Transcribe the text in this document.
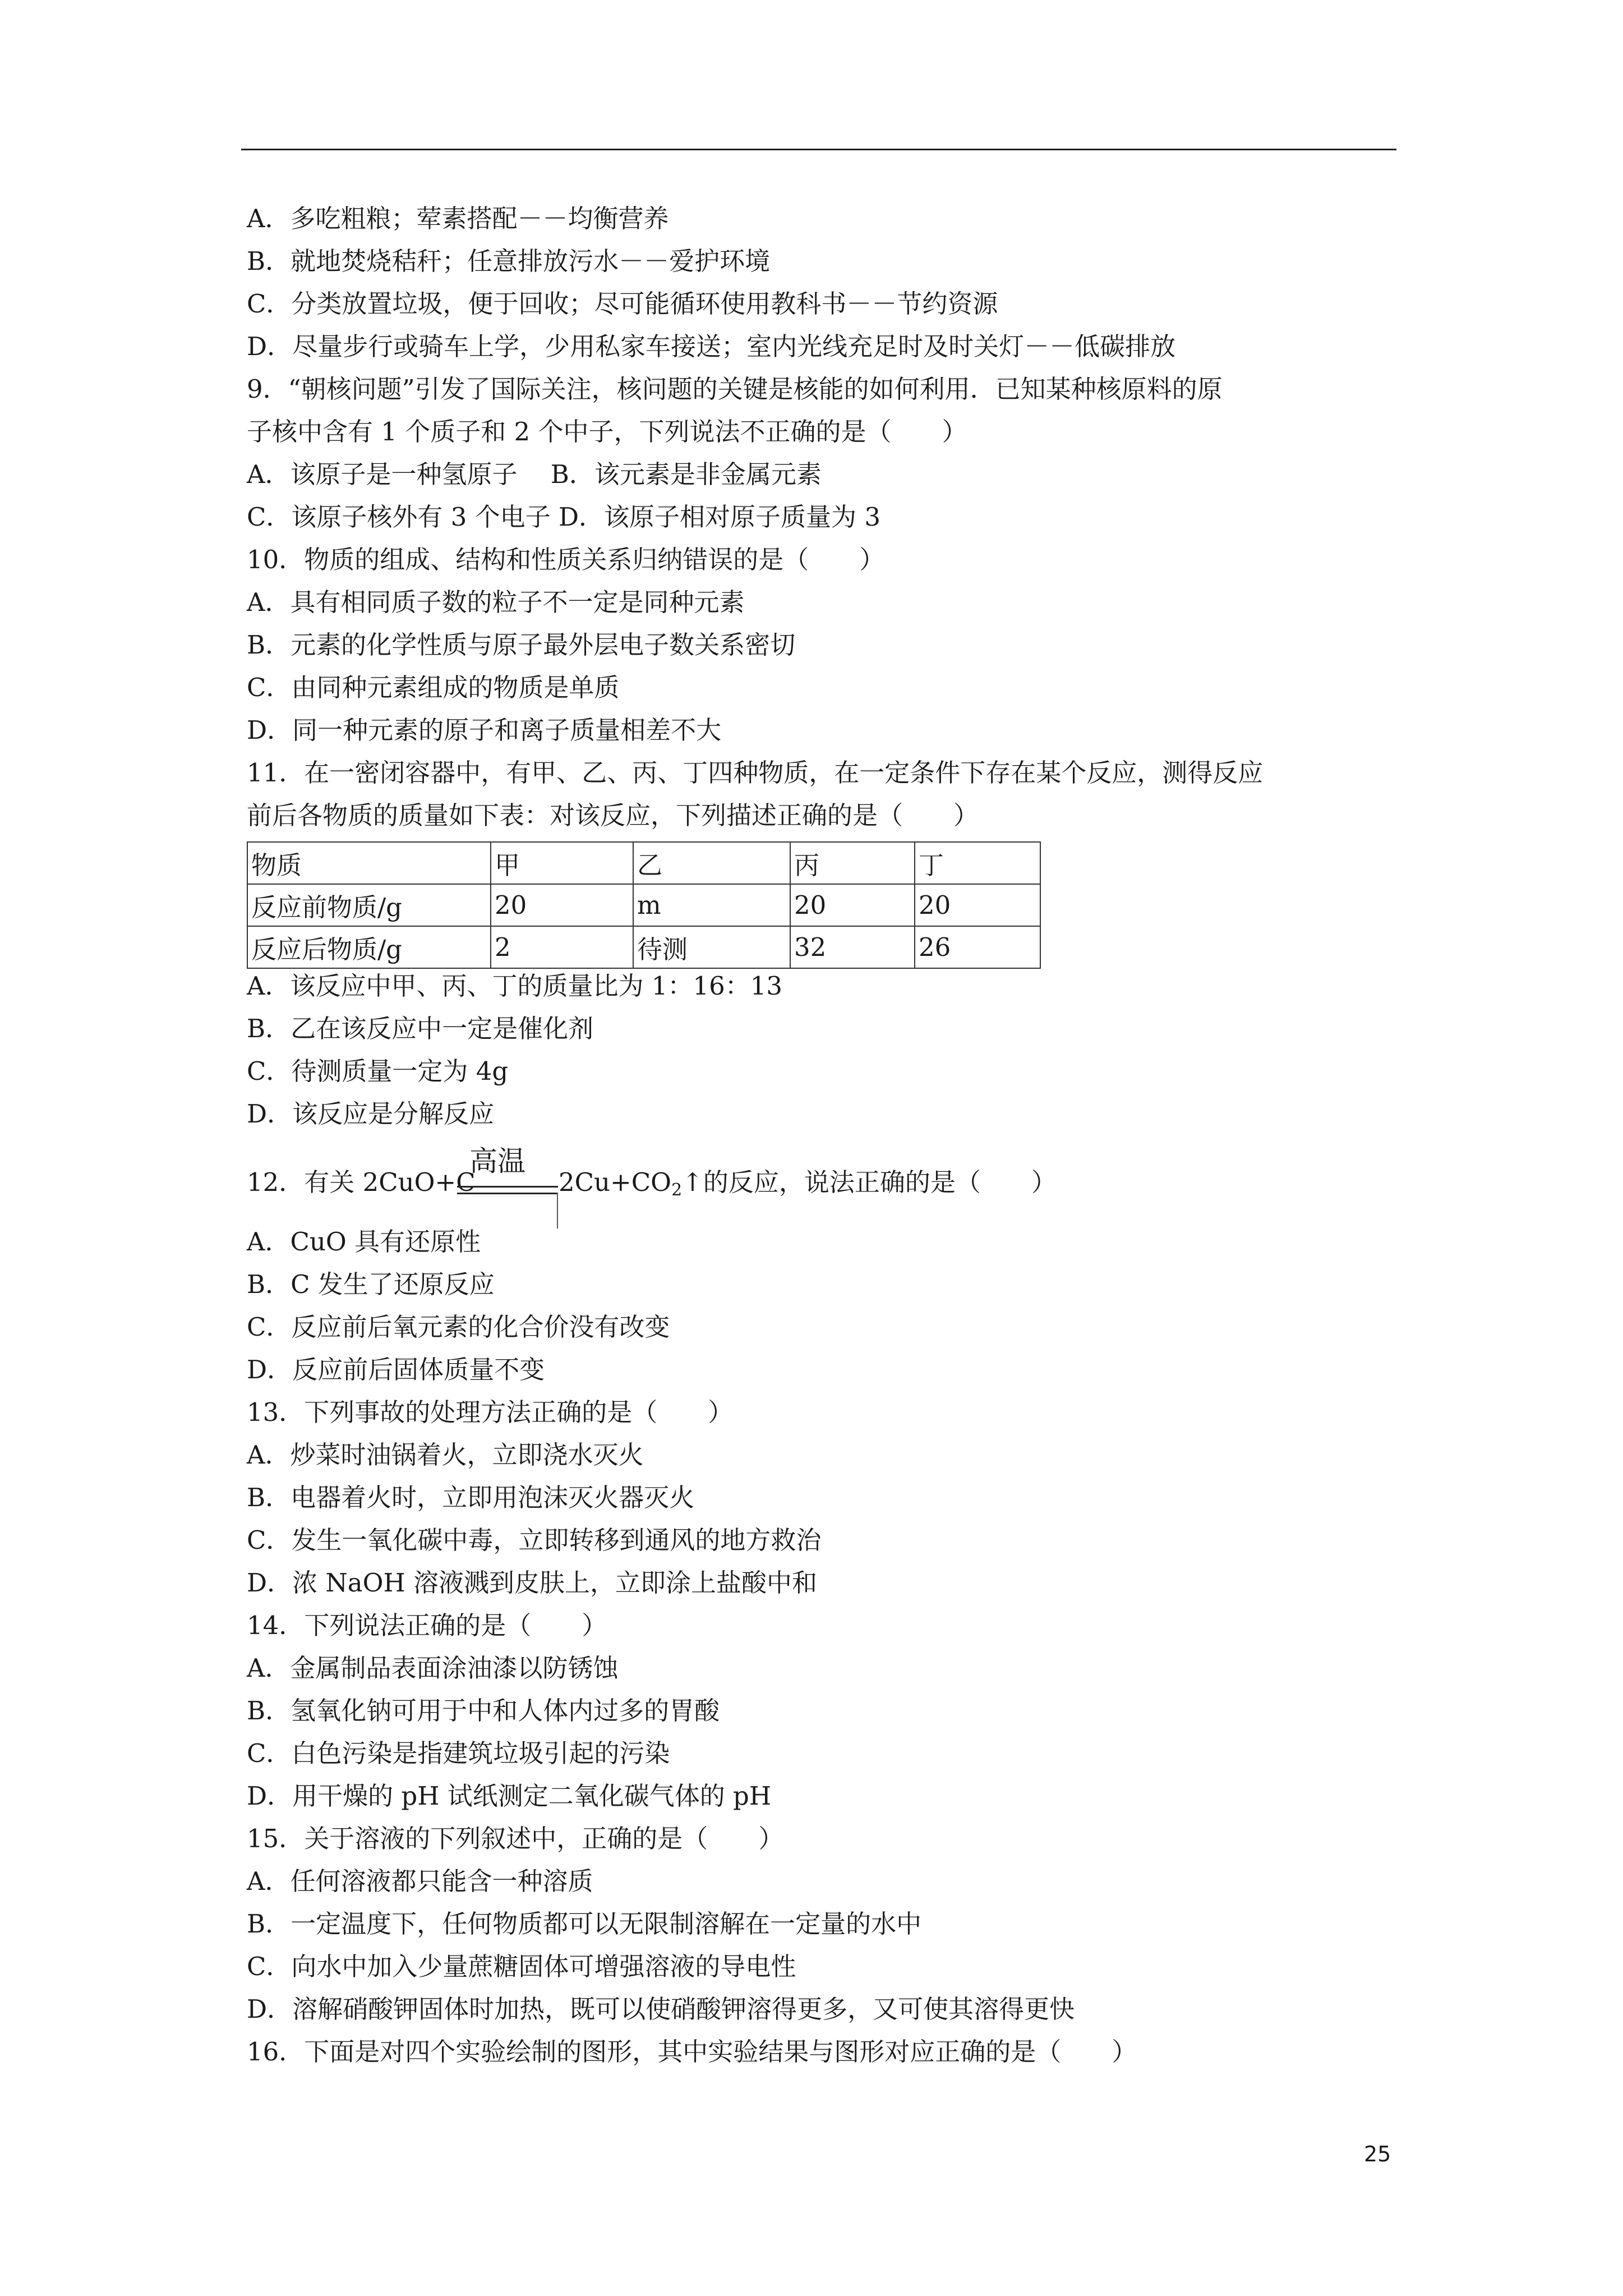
A．多吃粗粮；荤素搭配－－均衡营养
B．就地焚烧秸秆；任意排放污水－－爱护环境
C．分类放置垃圾，便于回收；尽可能循环使用教科书－－节约资源
D．尽量步行或骑车上学，少用私家车接送；室内光线充足时及时关灯－－低碳排放
9．“朝核问题”引发了国际关注，核问题的关键是核能的如何利用．已知某种核原料的原
子核中含有 1 个质子和 2 个中子，下列说法不正确的是（　　）
A．该原子是一种氢原子　 B．该元素是非金属元素
C．该原子核外有 3 个电子 D．该原子相对原子质量为 3
10．物质的组成、结构和性质关系归纳错误的是（　　）
A．具有相同质子数的粒子不一定是同种元素
B．元素的化学性质与原子最外层电子数关系密切
C．由同种元素组成的物质是单质
D．同一种元素的原子和离子质量相差不大
11．在一密闭容器中，有甲、乙、丙、丁四种物质，在一定条件下存在某个反应，测得反应
前后各物质的质量如下表：对该反应，下列描述正确的是（　　）
A．该反应中甲、丙、丁的质量比为 1：16：13
B．乙在该反应中一定是催化剂
C．待测质量一定为 4g
D．该反应是分解反应
A．CuO 具有还原性
B．C 发生了还原反应
C．反应前后氧元素的化合价没有改变
D．反应前后固体质量不变
13．下列事故的处理方法正确的是（　　）
A．炒菜时油锅着火，立即浇水灭火
B．电器着火时，立即用泡沫灭火器灭火
C．发生一氧化碳中毒，立即转移到通风的地方救治
D．浓 NaOH 溶液溅到皮肤上，立即涂上盐酸中和
14．下列说法正确的是（　　）
A．金属制品表面涂油漆以防锈蚀
B．氢氧化钠可用于中和人体内过多的胃酸
C．白色污染是指建筑垃圾引起的污染
D．用干燥的 pH 试纸测定二氧化碳气体的 pH
15．关于溶液的下列叙述中，正确的是（　　）
A．任何溶液都只能含一种溶质
B．一定温度下，任何物质都可以无限制溶解在一定量的水中
C．向水中加入少量蔗糖固体可增强溶液的导电性
D．溶解硝酸钾固体时加热，既可以使硝酸钾溶得更多，又可使其溶得更快
16．下面是对四个实验绘制的图形，其中实验结果与图形对应正确的是（　　）
物质	甲	乙	丙	丁
反应前物质/g	20	m	20	20
反应后物质/g	2	待测	32	26
12．有关 2CuO+C
高温
$2Cu+CO_2↑$的反应，说法正确的是（　　）
25
